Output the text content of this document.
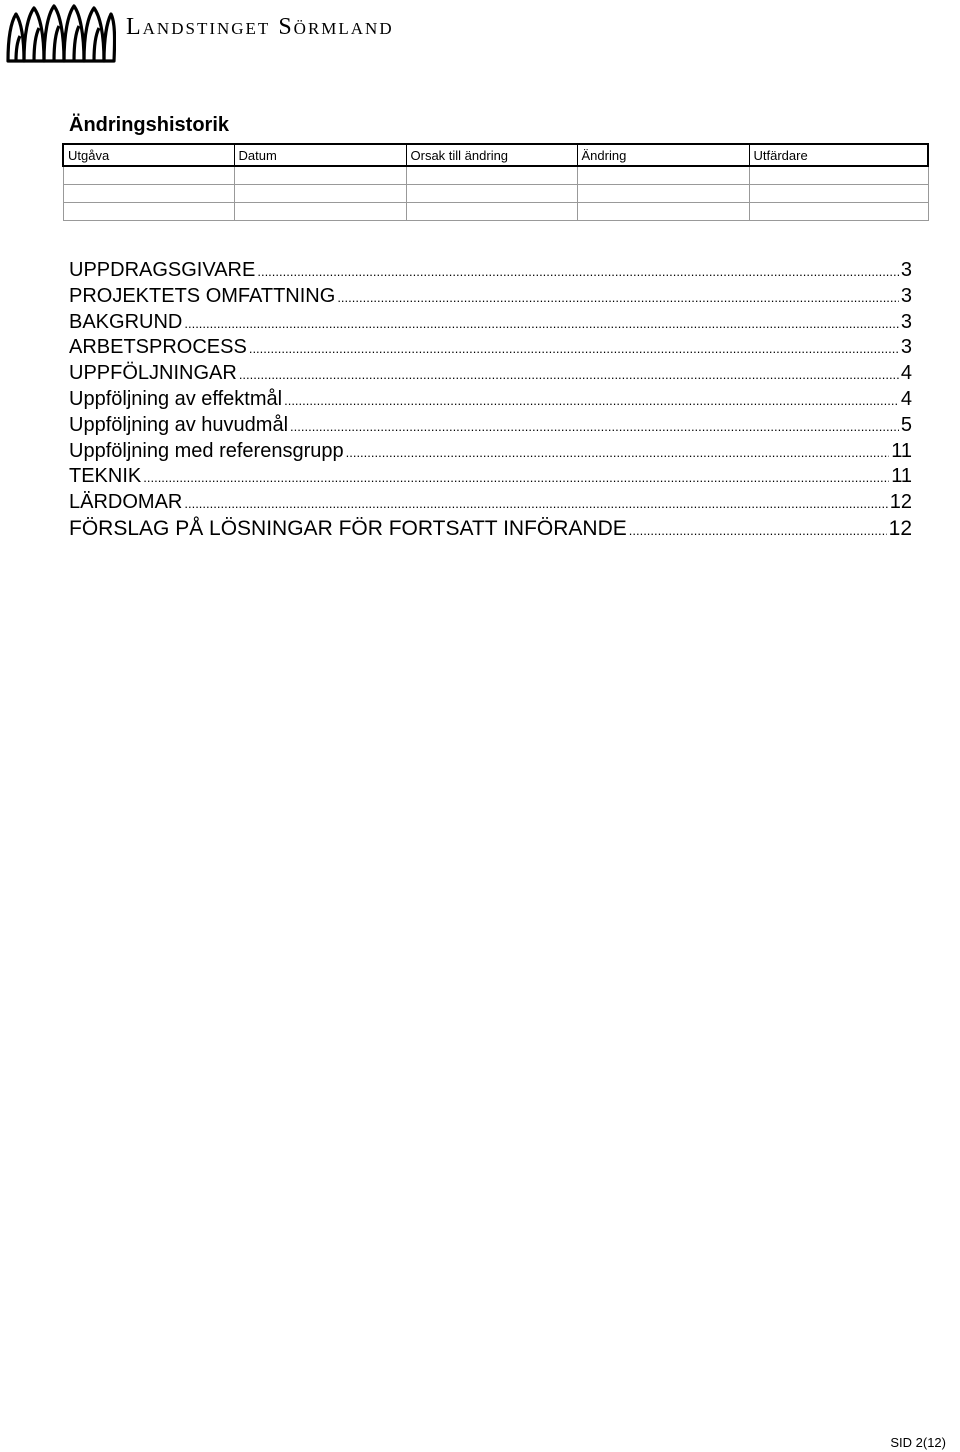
Landstinget Sörmland
Ändringshistorik
Utgåva	Datum	Orsak till ändring	Ändring	Utfärdare

UPPDRAGSGIVARE .....	3
PROJEKTETS OMFATTNING .....	3
BAKGRUND .....	3
ARBETSPROCESS .....	3
UPPFÖLJNINGAR .....	4
Uppföljning av effektmål .....	4
Uppföljning av huvudmål .....	5
Uppföljning med referensgrupp .....	11
TEKNIK .....	11
LÄRDOMAR .....	12
FÖRSLAG PÅ LÖSNINGAR FÖR FORTSATT INFÖRANDE .....	12
SID 2(12)
